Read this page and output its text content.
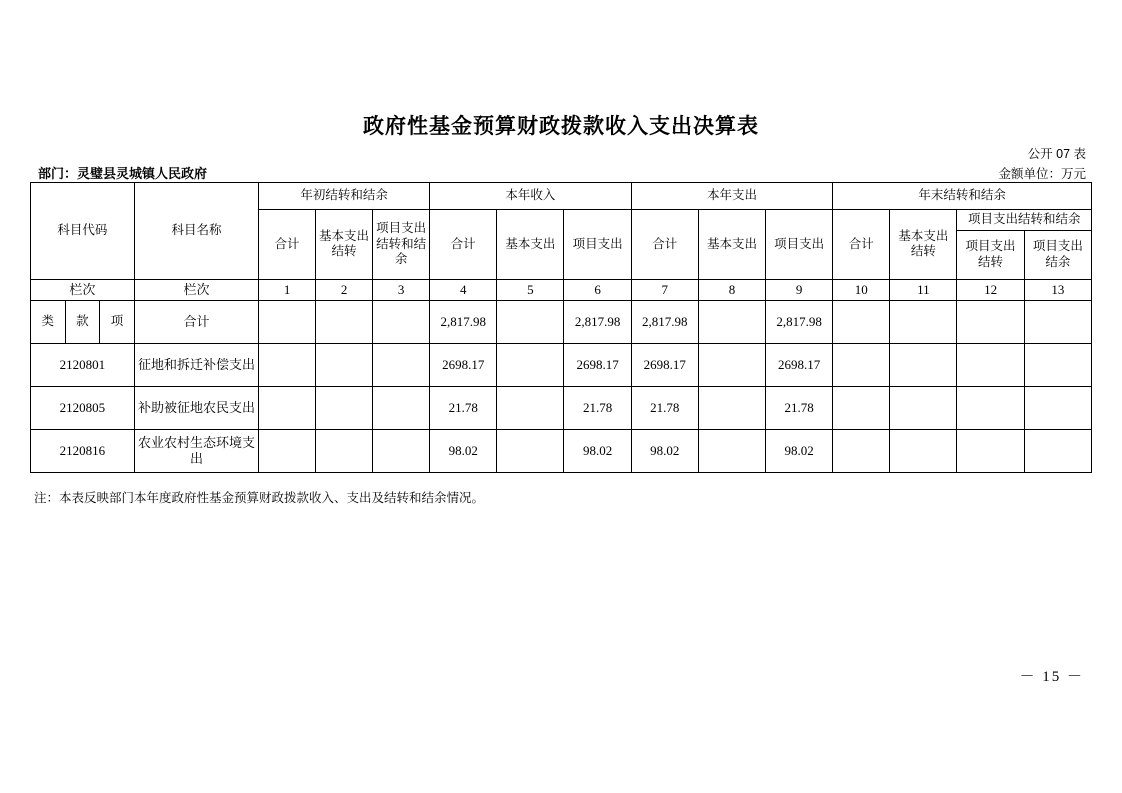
政府性基金预算财政拨款收入支出决算表
公开 07 表
金额单位：万元
部门：灵璧县灵城镇人民政府
科目代码			科目名称	年初结转和结余			本年收入			本年支出			年末结转和结余			
				合计	基本支出结转	项目支出结转和结余	合计	基本支出	项目支出	合计	基本支出	项目支出	合计	基本支出结转	项目支出结转和结余	
															项目支出结转	项目支出结余
栏次			栏次	1	2	3	4	5	6	7	8	9	10	11	12	13
类	款	项	合计				2,817.98		2,817.98	2,817.98		2,817.98				
2120801			征地和拆迁补偿支出				2698.17		2698.17	2698.17		2698.17				
2120805			补助被征地农民支出				21.78		21.78	21.78		21.78				
2120816			农业农村生态环境支出				98.02		98.02	98.02		98.02				
注：本表反映部门本年度政府性基金预算财政拨款收入、支出及结转和结余情况。
－ 15 －
